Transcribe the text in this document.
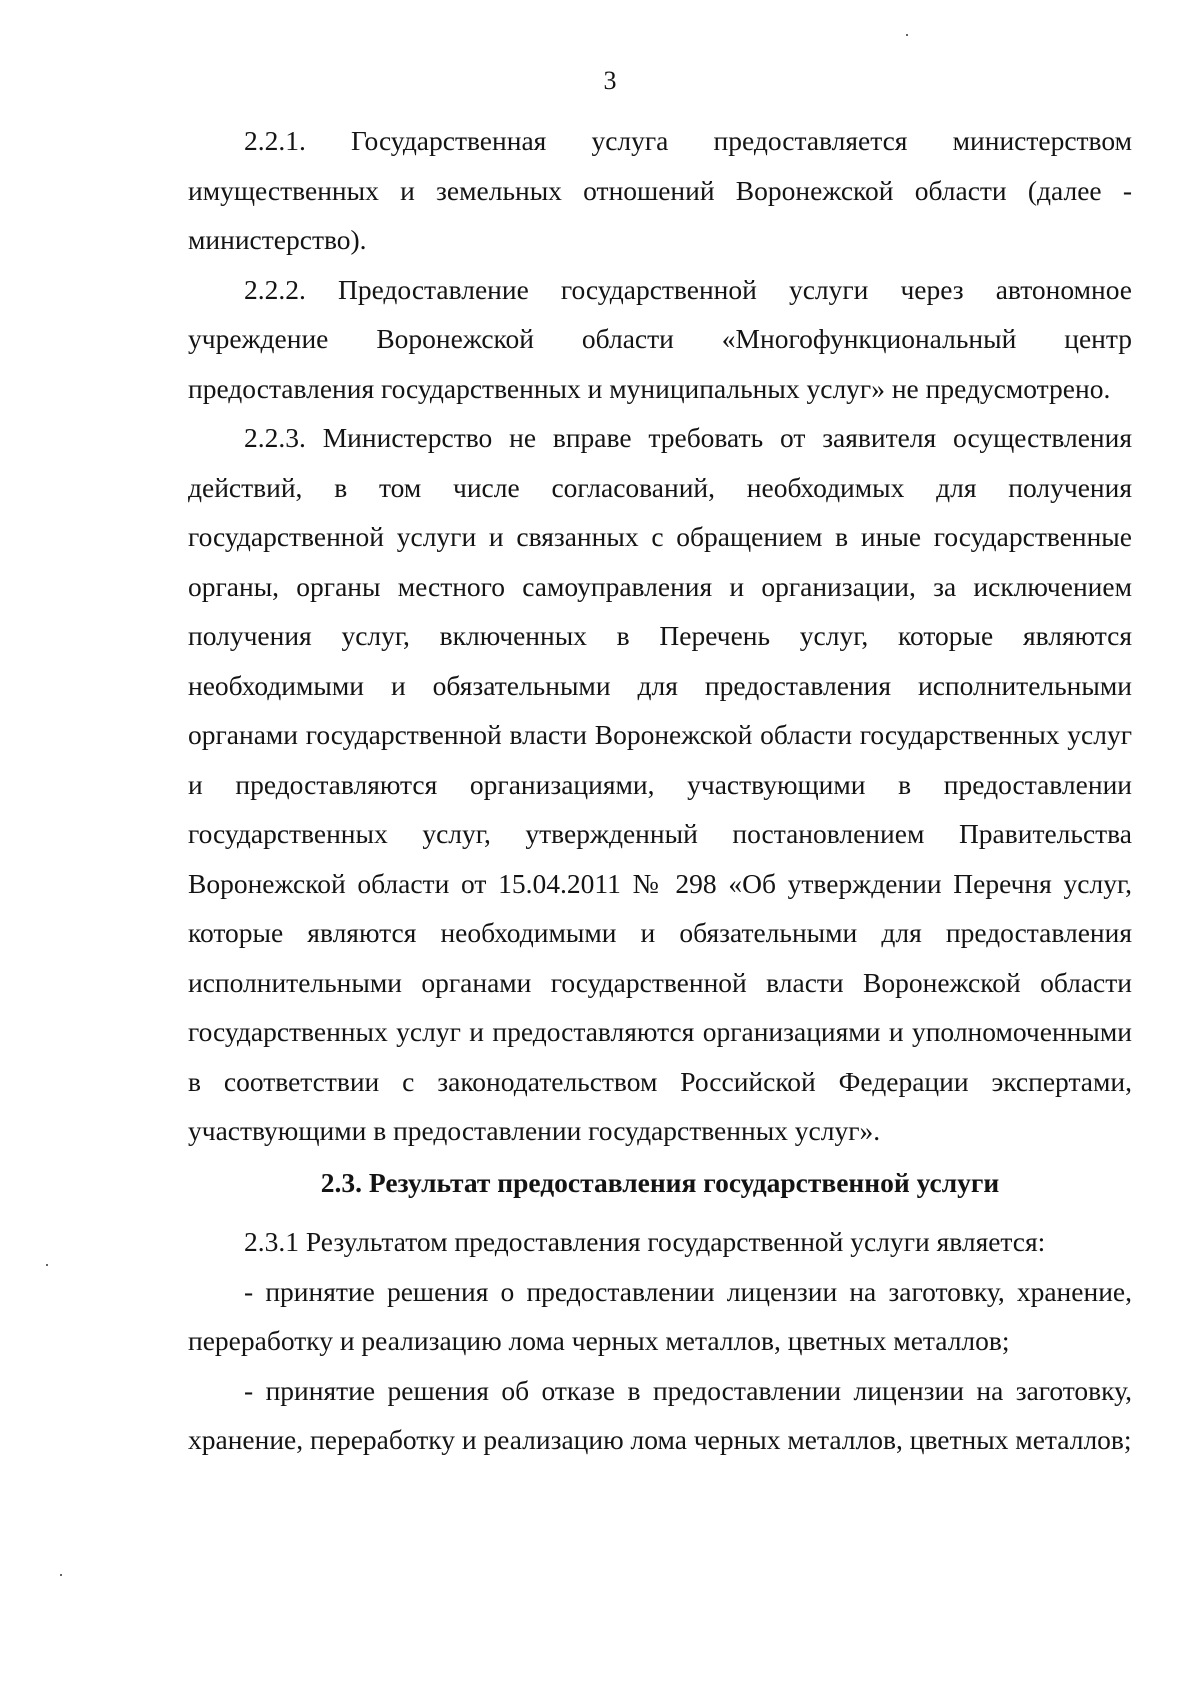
3

2.2.1. Государственная услуга предоставляется министерством имущественных и земельных отношений Воронежской области (далее - министерство).

2.2.2. Предоставление государственной услуги через автономное учреждение Воронежской области «Многофункциональный центр предоставления государственных и муниципальных услуг» не предусмотрено.

2.2.3. Министерство не вправе требовать от заявителя осуществления действий, в том числе согласований, необходимых для получения государственной услуги и связанных с обращением в иные государственные органы, органы местного самоуправления и организации, за исключением получения услуг, включенных в Перечень услуг, которые являются необходимыми и обязательными для предоставления исполнительными органами государственной власти Воронежской области государственных услуг и предоставляются организациями, участвующими в предоставлении государственных услуг, утвержденный постановлением Правительства Воронежской области от 15.04.2011 № 298 «Об утверждении Перечня услуг, которые являются необходимыми и обязательными для предоставления исполнительными органами государственной власти Воронежской области государственных услуг и предоставляются организациями и уполномоченными в соответствии с законодательством Российской Федерации экспертами, участвующими в предоставлении государственных услуг».

2.3. Результат предоставления государственной услуги

2.3.1 Результатом предоставления государственной услуги является:

- принятие решения о предоставлении лицензии на заготовку, хранение, переработку и реализацию лома черных металлов, цветных металлов;

- принятие решения об отказе в предоставлении лицензии на заготовку, хранение, переработку и реализацию лома черных металлов, цветных металлов;
